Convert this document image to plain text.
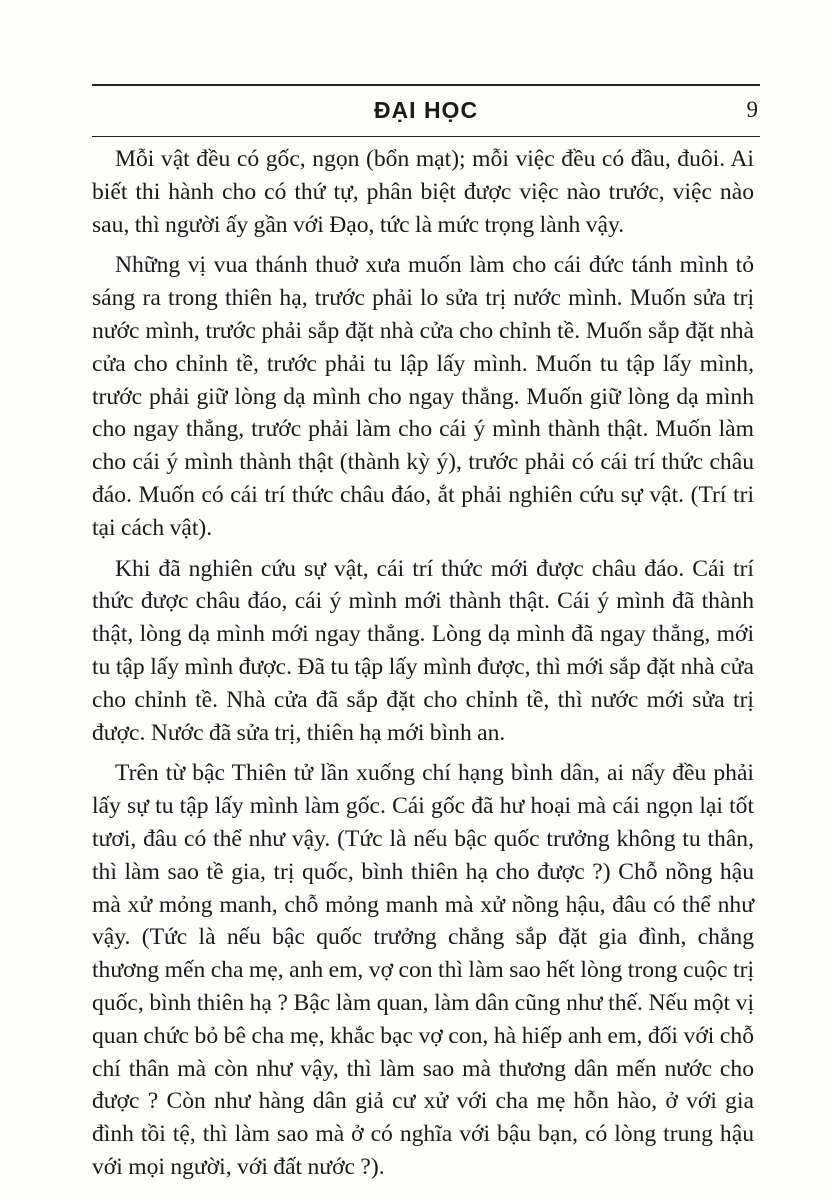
ĐẠI HỌC	9

Mỗi vật đều có gốc, ngọn (bổn mạt); mỗi việc đều có đầu, đuôi. Ai biết thi hành cho có thứ tự, phân biệt được việc nào trước, việc nào sau, thì người ấy gần với Đạo, tức là mức trọng lành vậy.

Những vị vua thánh thuở xưa muốn làm cho cái đức tánh mình tỏ sáng ra trong thiên hạ, trước phải lo sửa trị nước mình. Muốn sửa trị nước mình, trước phải sắp đặt nhà cửa cho chỉnh tề. Muốn sắp đặt nhà cửa cho chỉnh tề, trước phải tu lập lấy mình. Muốn tu tập lấy mình, trước phải giữ lòng dạ mình cho ngay thẳng. Muốn giữ lòng dạ mình cho ngay thẳng, trước phải làm cho cái ý mình thành thật. Muốn làm cho cái ý mình thành thật (thành kỳ ý), trước phải có cái trí thức châu đáo. Muốn có cái trí thức châu đáo, ắt phải nghiên cứu sự vật. (Trí tri tại cách vật).

Khi đã nghiên cứu sự vật, cái trí thức mới được châu đáo. Cái trí thức được châu đáo, cái ý mình mới thành thật. Cái ý mình đã thành thật, lòng dạ mình mới ngay thẳng. Lòng dạ mình đã ngay thẳng, mới tu tập lấy mình được. Đã tu tập lấy mình được, thì mới sắp đặt nhà cửa cho chỉnh tề. Nhà cửa đã sắp đặt cho chỉnh tề, thì nước mới sửa trị được. Nước đã sửa trị, thiên hạ mới bình an.

Trên từ bậc Thiên tử lần xuống chí hạng bình dân, ai nấy đều phải lấy sự tu tập lấy mình làm gốc. Cái gốc đã hư hoại mà cái ngọn lại tốt tươi, đâu có thể như vậy. (Tức là nếu bậc quốc trưởng không tu thân, thì làm sao tề gia, trị quốc, bình thiên hạ cho được ?) Chỗ nồng hậu mà xử mỏng manh, chỗ mỏng manh mà xử nồng hậu, đâu có thể như vậy. (Tức là nếu bậc quốc trưởng chẳng sắp đặt gia đình, chẳng thương mến cha mẹ, anh em, vợ con thì làm sao hết lòng trong cuộc trị quốc, bình thiên hạ ? Bậc làm quan, làm dân cũng như thế. Nếu một vị quan chức bỏ bê cha mẹ, khắc bạc vợ con, hà hiếp anh em, đối với chỗ chí thân mà còn như vậy, thì làm sao mà thương dân mến nước cho được ? Còn như hàng dân giả cư xử với cha mẹ hỗn hào, ở với gia đình tồi tệ, thì làm sao mà ở có nghĩa với bậu bạn, có lòng trung hậu với mọi người, với đất nước ?).
